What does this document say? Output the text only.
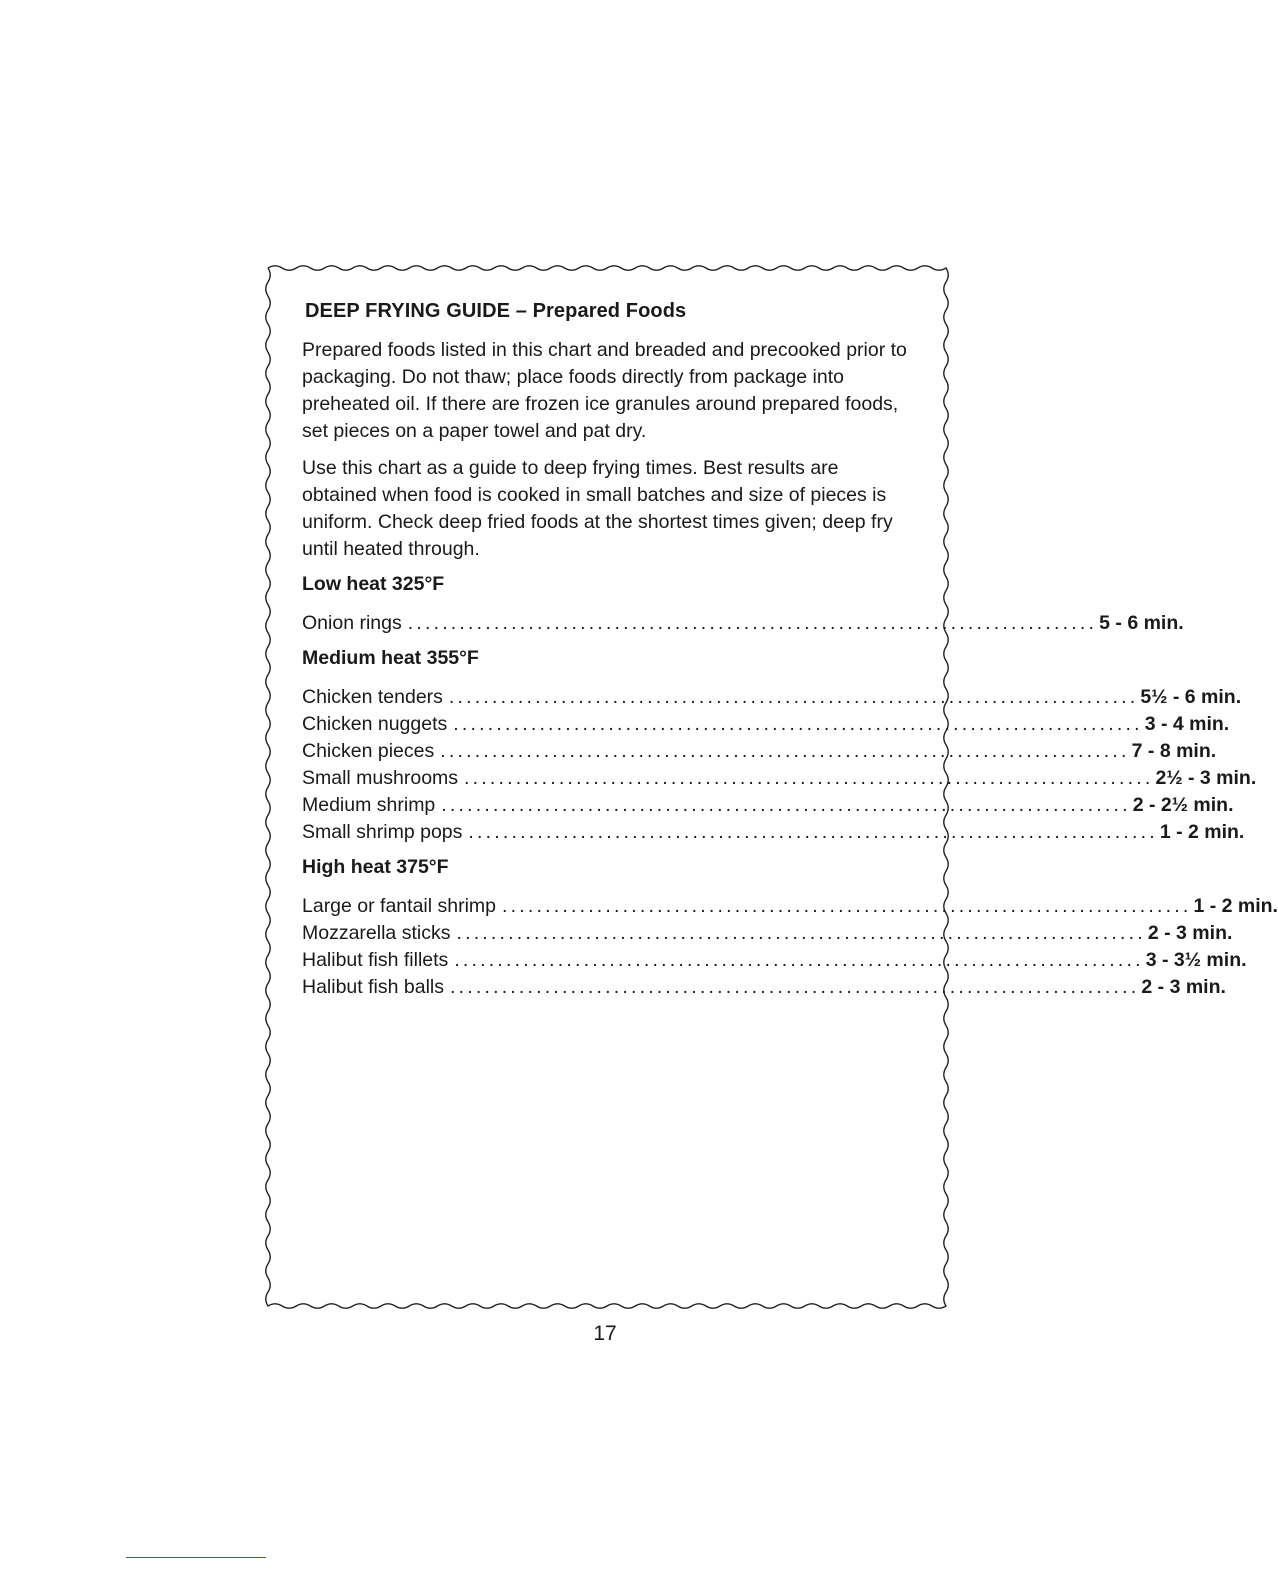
DEEP FRYING GUIDE – Prepared Foods

Prepared foods listed in this chart and breaded and precooked prior to packaging. Do not thaw; place foods directly from package into preheated oil. If there are frozen ice granules around prepared foods, set pieces on a paper towel and pat dry.

Use this chart as a guide to deep frying times. Best results are obtained when food is cooked in small batches and size of pieces is uniform. Check deep fried foods at the shortest times given; deep fry until heated through.

Low heat 325°F
Onion rings ................................................................................ 5 - 6 min.
Medium heat 355°F
Chicken tenders ................................................................................ 5½ - 6 min.
Chicken nuggets ................................................................................ 3 - 4 min.
Chicken pieces ................................................................................ 7 - 8 min.
Small mushrooms ................................................................................ 2½ - 3 min.
Medium shrimp ................................................................................ 2 - 2½ min.
Small shrimp pops ................................................................................ 1 - 2 min.
High heat 375°F
Large or fantail shrimp ................................................................................ 1 - 2 min.
Mozzarella sticks ................................................................................ 2 - 3 min.
Halibut fish fillets ................................................................................ 3 - 3½ min.
Halibut fish balls ................................................................................ 2 - 3 min.
17
